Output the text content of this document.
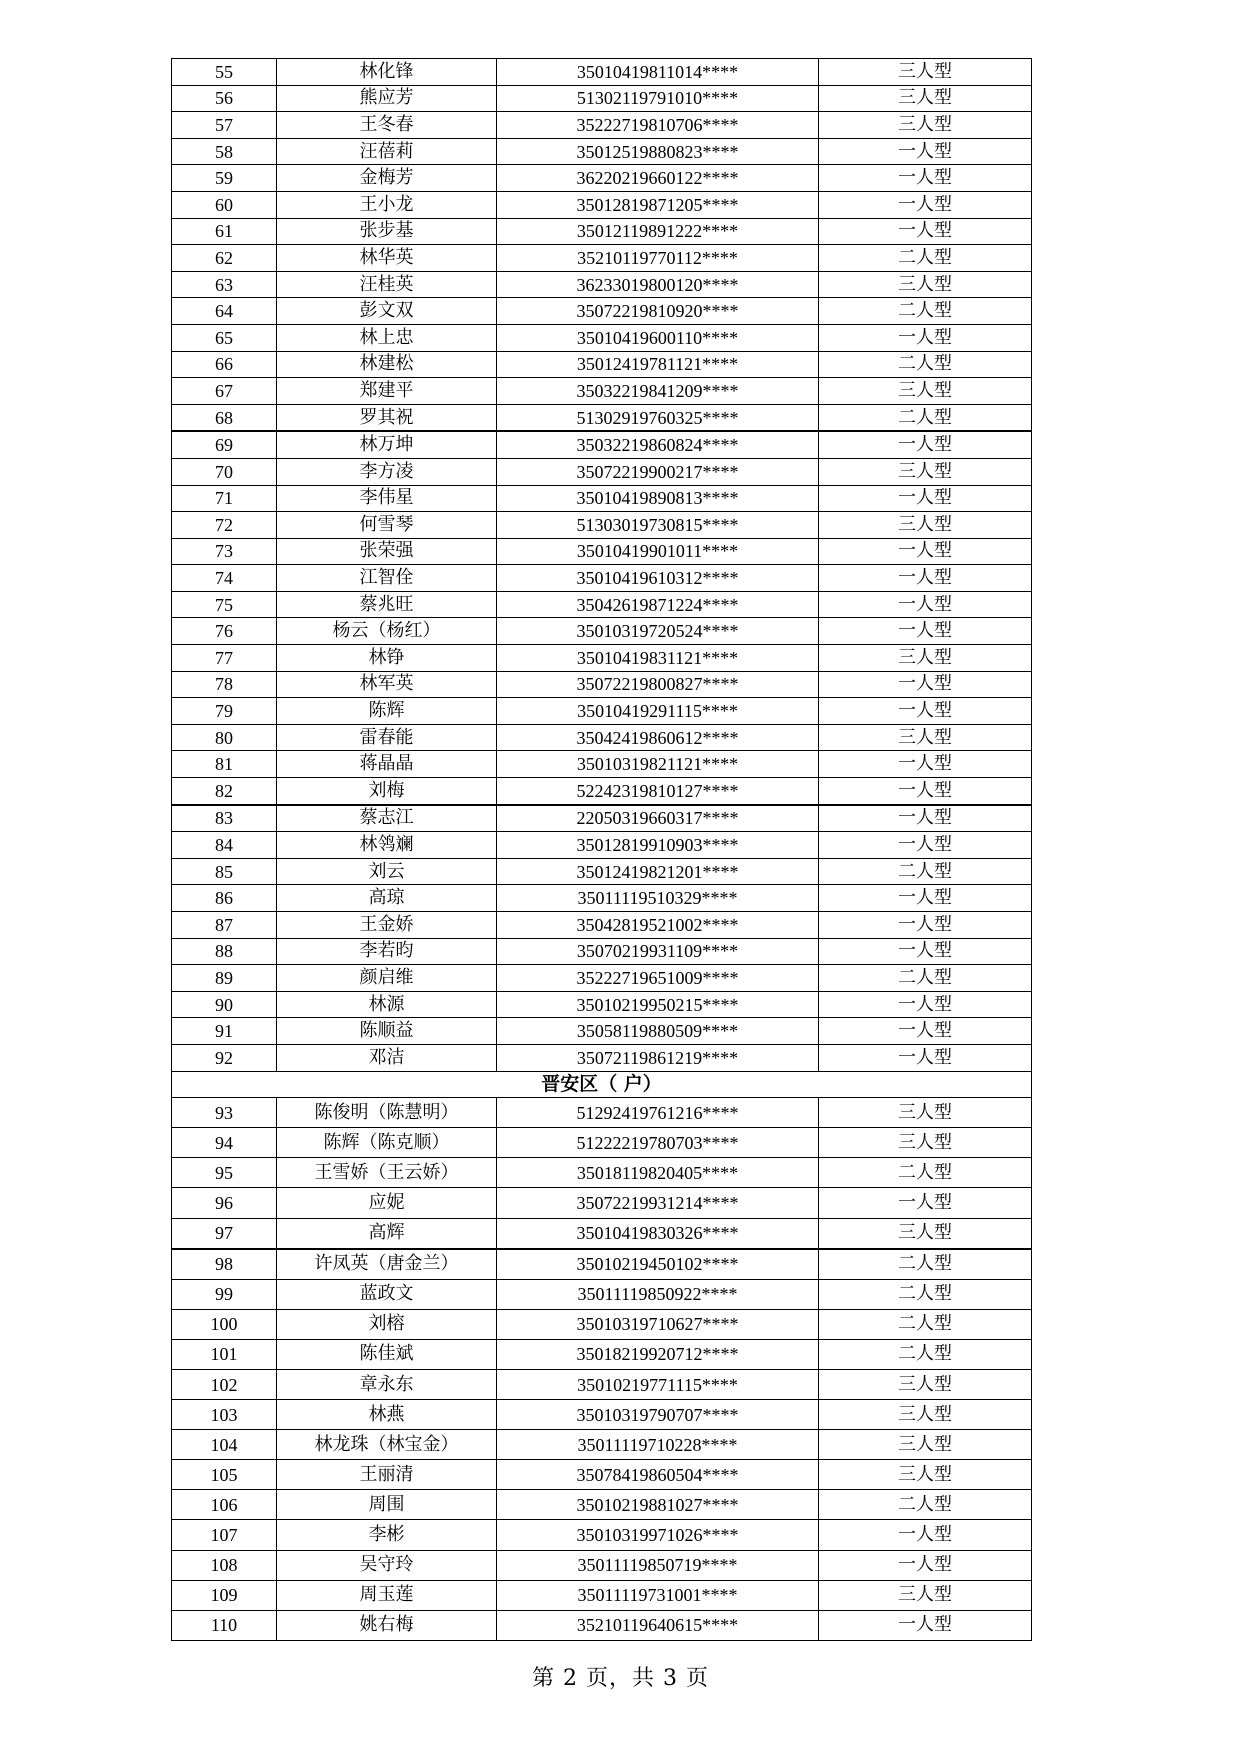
55	林化锋	35010419811014****	三人型
56	熊应芳	51302119791010****	三人型
57	王冬春	35222719810706****	三人型
58	汪蓓莉	35012519880823****	一人型
59	金梅芳	36220219660122****	一人型
60	王小龙	35012819871205****	一人型
61	张步基	35012119891222****	一人型
62	林华英	35210119770112****	二人型
63	汪桂英	36233019800120****	三人型
64	彭文双	35072219810920****	二人型
65	林上忠	35010419600110****	一人型
66	林建松	35012419781121****	二人型
67	郑建平	35032219841209****	三人型
68	罗其祝	51302919760325****	二人型
69	林万坤	35032219860824****	一人型
70	李方凌	35072219900217****	三人型
71	李伟星	35010419890813****	一人型
72	何雪琴	51303019730815****	三人型
73	张荣强	35010419901011****	一人型
74	江智佺	35010419610312****	一人型
75	蔡兆旺	35042619871224****	一人型
76	杨云（杨红）	35010319720524****	一人型
77	林铮	35010419831121****	三人型
78	林军英	35072219800827****	一人型
79	陈辉	35010419291115****	一人型
80	雷春能	35042419860612****	三人型
81	蒋晶晶	35010319821121****	一人型
82	刘梅	52242319810127****	一人型
83	蔡志江	22050319660317****	一人型
84	林鸰斓	35012819910903****	一人型
85	刘云	35012419821201****	二人型
86	高琼	35011119510329****	一人型
87	王金娇	35042819521002****	一人型
88	李若昀	35070219931109****	一人型
89	颜启维	35222719651009****	二人型
90	林源	35010219950215****	一人型
91	陈顺益	35058119880509****	一人型
92	邓洁	35072119861219****	一人型
晋安区（ 户）			
93	陈俊明（陈慧明）	51292419761216****	三人型
94	陈辉（陈克顺）	51222219780703****	三人型
95	王雪娇（王云娇）	35018119820405****	二人型
96	应妮	35072219931214****	一人型
97	高辉	35010419830326****	三人型
98	许凤英（唐金兰）	35010219450102****	二人型
99	蓝政文	35011119850922****	二人型
100	刘榕	35010319710627****	二人型
101	陈佳斌	35018219920712****	二人型
102	章永东	35010219771115****	三人型
103	林燕	35010319790707****	三人型
104	林龙珠（林宝金）	35011119710228****	三人型
105	王丽清	35078419860504****	三人型
106	周围	35010219881027****	二人型
107	李彬	35010319971026****	一人型
108	吴守玲	35011119850719****	一人型
109	周玉莲	35011119731001****	三人型
110	姚右梅	35210119640615****	一人型
第 2 页，共 3 页
